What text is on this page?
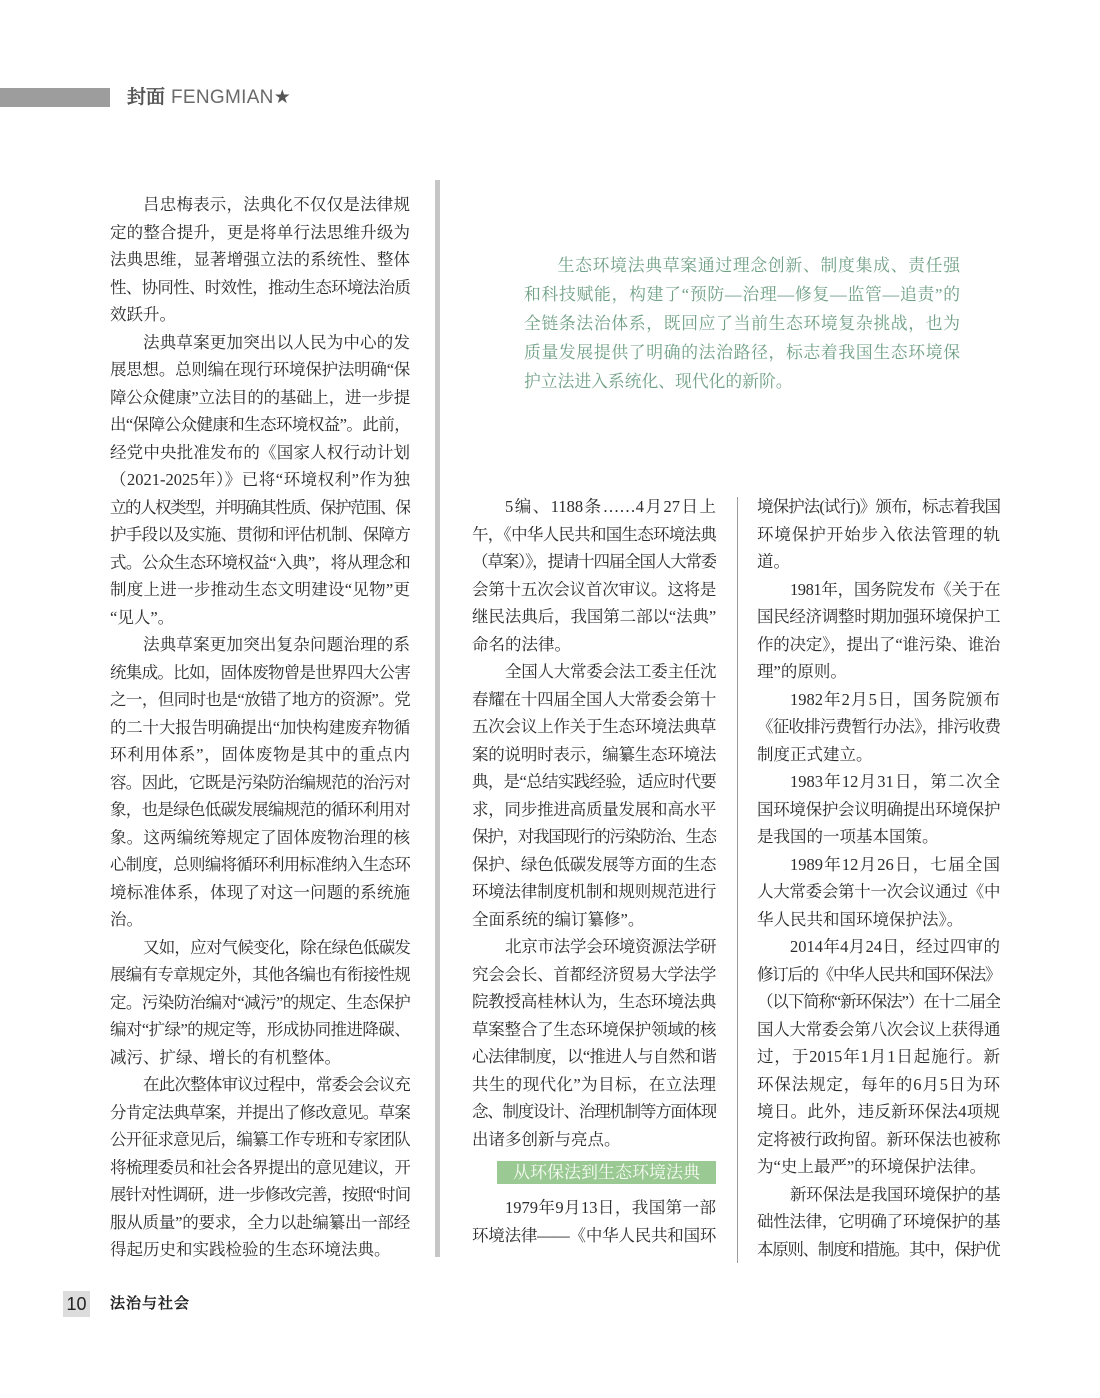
封面 FENGMIAN★
吕忠梅表示，法典化不仅仅是法律规
定的整合提升，更是将单行法思维升级为
法典思维，显著增强立法的系统性、整体
性、协同性、时效性，推动生态环境法治质
效跃升。
法典草案更加突出以人民为中心的发
展思想。总则编在现行环境保护法明确“保
障公众健康”立法目的的基础上，进一步提
出“保障公众健康和生态环境权益”。此前，
经党中央批准发布的《国家人权行动计划
（2021-2025年）》已将“环境权利”作为独
立的人权类型，并明确其性质、保护范围、保
护手段以及实施、贯彻和评估机制、保障方
式。公众生态环境权益“入典”，将从理念和
制度上进一步推动生态文明建设“见物”更
“见人”。
法典草案更加突出复杂问题治理的系
统集成。比如，固体废物曾是世界四大公害
之一，但同时也是“放错了地方的资源”。党
的二十大报告明确提出“加快构建废弃物循
环利用体系”，固体废物是其中的重点内
容。因此，它既是污染防治编规范的治污对
象，也是绿色低碳发展编规范的循环利用对
象。这两编统筹规定了固体废物治理的核
心制度，总则编将循环利用标准纳入生态环
境标准体系，体现了对这一问题的系统施
治。
又如，应对气候变化，除在绿色低碳发
展编有专章规定外，其他各编也有衔接性规
定。污染防治编对“减污”的规定、生态保护
编对“扩绿”的规定等，形成协同推进降碳、
减污、扩绿、增长的有机整体。
在此次整体审议过程中，常委会会议充
分肯定法典草案，并提出了修改意见。草案
公开征求意见后，编纂工作专班和专家团队
将梳理委员和社会各界提出的意见建议，开
展针对性调研，进一步修改完善，按照“时间
服从质量”的要求，全力以赴编纂出一部经
得起历史和实践检验的生态环境法典。
生态环境法典草案通过理念创新、制度集成、责任强
和科技赋能，构建了“预防—治理—修复—监管—追责”的
全链条法治体系，既回应了当前生态环境复杂挑战，也为
质量发展提供了明确的法治路径，标志着我国生态环境保
护立法进入系统化、现代化的新阶。
5编、1188条……4月27日上
午，《中华人民共和国生态环境法典
（草案）》，提请十四届全国人大常委
会第十五次会议首次审议。这将是
继民法典后，我国第二部以“法典”
命名的法律。
全国人大常委会法工委主任沈
春耀在十四届全国人大常委会第十
五次会议上作关于生态环境法典草
案的说明时表示，编纂生态环境法
典，是“总结实践经验，适应时代要
求，同步推进高质量发展和高水平
保护，对我国现行的污染防治、生态
保护、绿色低碳发展等方面的生态
环境法律制度机制和规则规范进行
全面系统的编订纂修”。
北京市法学会环境资源法学研
究会会长、首都经济贸易大学法学
院教授高桂林认为，生态环境法典
草案整合了生态环境保护领域的核
心法律制度，以“推进人与自然和谐
共生的现代化”为目标，在立法理
念、制度设计、治理机制等方面体现
出诸多创新与亮点。
从环保法到生态环境法典
1979年9月13日，我国第一部
环境法律——《中华人民共和国环
境保护法(试行)》颁布，标志着我国
环境保护开始步入依法管理的轨
道。
1981年，国务院发布《关于在
国民经济调整时期加强环境保护工
作的决定》，提出了“谁污染、谁治
理”的原则。
1982年2月5日，国务院颁布
《征收排污费暂行办法》，排污收费
制度正式建立。
1983年12月31日，第二次全
国环境保护会议明确提出环境保护
是我国的一项基本国策。
1989年12月26日，七届全国
人大常委会第十一次会议通过《中
华人民共和国环境保护法》。
2014年4月24日，经过四审的
修订后的《中华人民共和国环保法》
（以下简称“新环保法”）在十二届全
国人大常委会第八次会议上获得通
过，于2015年1月1日起施行。新
环保法规定，每年的6月5日为环
境日。此外，违反新环保法4项规
定将被行政拘留。新环保法也被称
为“史上最严”的环境保护法律。
新环保法是我国环境保护的基
础性法律，它明确了环境保护的基
本原则、制度和措施。其中，保护优
10 法治与社会
